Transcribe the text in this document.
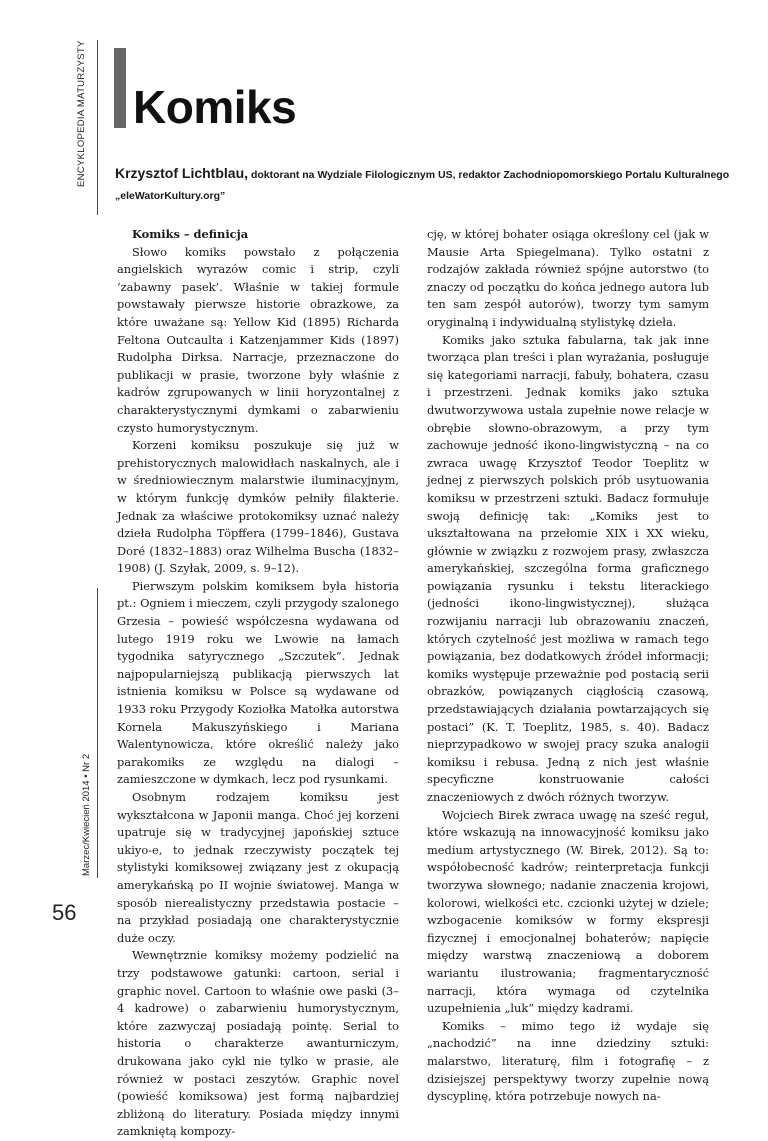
ENCYKLOPEDIA MATURZYSTY
Marzec/Kwiecień 2014 • Nr 2
56
Komiks
Krzysztof Lichtblau, doktorant na Wydziale Filologicznym US, redaktor Zachodniopomorskiego Portalu Kulturalnego „eleWatorKultury.org”

Komiks – definicja

Słowo komiks powstało z połączenia angielskich wyrazów comic i strip, czyli ‘zabawny pasek’. Właśnie w takiej formule powstawały pierwsze historie obrazkowe, za które uważane są: Yellow Kid (1895) Richarda Feltona Outcaulta i Katzenjammer Kids (1897) Rudolpha Dirksa. Narracje, przeznaczone do publikacji w prasie, tworzone były właśnie z kadrów zgrupowanych w linii horyzontalnej z charakterystycznymi dymkami o zabarwieniu czysto humorystycznym.

Korzeni komiksu poszukuje się już w prehistorycznych malowidłach naskalnych, ale i w średniowiecznym malarstwie iluminacyjnym, w którym funkcję dymków pełniły filakterie. Jednak za właściwe protokomiksy uznać należy dzieła Rudolpha Töpffera (1799–1846), Gustava Doré (1832–1883) oraz Wilhelma Buscha (1832–1908) (J. Szyłak, 2009, s. 9–12).

Pierwszym polskim komiksem była historia pt.: Ogniem i mieczem, czyli przygody szalonego Grzesia – powieść współczesna wydawana od lutego 1919 roku we Lwowie na łamach tygodnika satyrycznego „Szczutek”. Jednak najpopularniejszą publikacją pierwszych lat istnienia komiksu w Polsce są wydawane od 1933 roku Przygody Koziołka Matołka autorstwa Kornela Makuszyńskiego i Mariana Walentynowicza, które określić należy jako parakomiks ze względu na dialogi – zamieszczone w dymkach, lecz pod rysunkami.

Osobnym rodzajem komiksu jest wykształcona w Japonii manga. Choć jej korzeni upatruje się w tradycyjnej japońskiej sztuce ukiyo-e, to jednak rzeczywisty początek tej stylistyki komiksowej związany jest z okupacją amerykańską po II wojnie światowej. Manga w sposób nierealistyczny przedstawia postacie – na przykład posiadają one charakterystycznie duże oczy.

Wewnętrznie komiksy możemy podzielić na trzy podstawowe gatunki: cartoon, serial i graphic novel. Cartoon to właśnie owe paski (3–4 kadrowe) o zabarwieniu humorystycznym, które zazwyczaj posiadają pointę. Serial to historia o charakterze awanturniczym, drukowana jako cykl nie tylko w prasie, ale również w postaci zeszytów. Graphic novel (powieść komiksowa) jest formą najbardziej zbliżoną do literatury. Posiada między innymi zamkniętą kompozy-

cję, w której bohater osiąga określony cel (jak w Mausie Arta Spiegelmana). Tylko ostatni z rodzajów zakłada również spójne autorstwo (to znaczy od początku do końca jednego autora lub ten sam zespół autorów), tworzy tym samym oryginalną i indywidualną stylistykę dzieła.

Komiks jako sztuka fabularna, tak jak inne tworząca plan treści i plan wyrażania, posługuje się kategoriami narracji, fabuły, bohatera, czasu i przestrzeni. Jednak komiks jako sztuka dwutworzywowa ustala zupełnie nowe relacje w obrębie słowno-obrazowym, a przy tym zachowuje jedność ikono-lingwistyczną – na co zwraca uwagę Krzysztof Teodor Toeplitz w jednej z pierwszych polskich prób usytuowania komiksu w przestrzeni sztuki. Badacz formułuje swoją definicję tak: „Komiks jest to ukształtowana na przełomie XIX i XX wieku, głównie w związku z rozwojem prasy, zwłaszcza amerykańskiej, szczególna forma graficznego powiązania rysunku i tekstu literackiego (jedności ikono-lingwistycznej), służąca rozwijaniu narracji lub obrazowaniu znaczeń, których czytelność jest możliwa w ramach tego powiązania, bez dodatkowych źródeł informacji; komiks występuje przeważnie pod postacią serii obrazków, powiązanych ciągłością czasową, przedstawiających działania powtarzających się postaci” (K. T. Toeplitz, 1985, s. 40). Badacz nieprzypadkowo w swojej pracy szuka analogii komiksu i rebusa. Jedną z nich jest właśnie specyficzne konstruowanie całości znaczeniowych z dwóch różnych tworzyw.

Wojciech Birek zwraca uwagę na sześć reguł, które wskazują na innowacyjność komiksu jako medium artystycznego (W. Birek, 2012). Są to: współobecność kadrów; reinterpretacja funkcji tworzywa słownego; nadanie znaczenia krojowi, kolorowi, wielkości etc. czcionki użytej w dziele; wzbogacenie komiksów w formy ekspresji fizycznej i emocjonalnej bohaterów; napięcie między warstwą znaczeniową a doborem wariantu ilustrowania; fragmentaryczność narracji, która wymaga od czytelnika uzupełnienia „luk” między kadrami.

Komiks – mimo tego iż wydaje się „nachodzić” na inne dziedziny sztuki: malarstwo, literaturę, film i fotografię – z dzisiejszej perspektywy tworzy zupełnie nową dyscyplinę, która potrzebuje nowych na-
